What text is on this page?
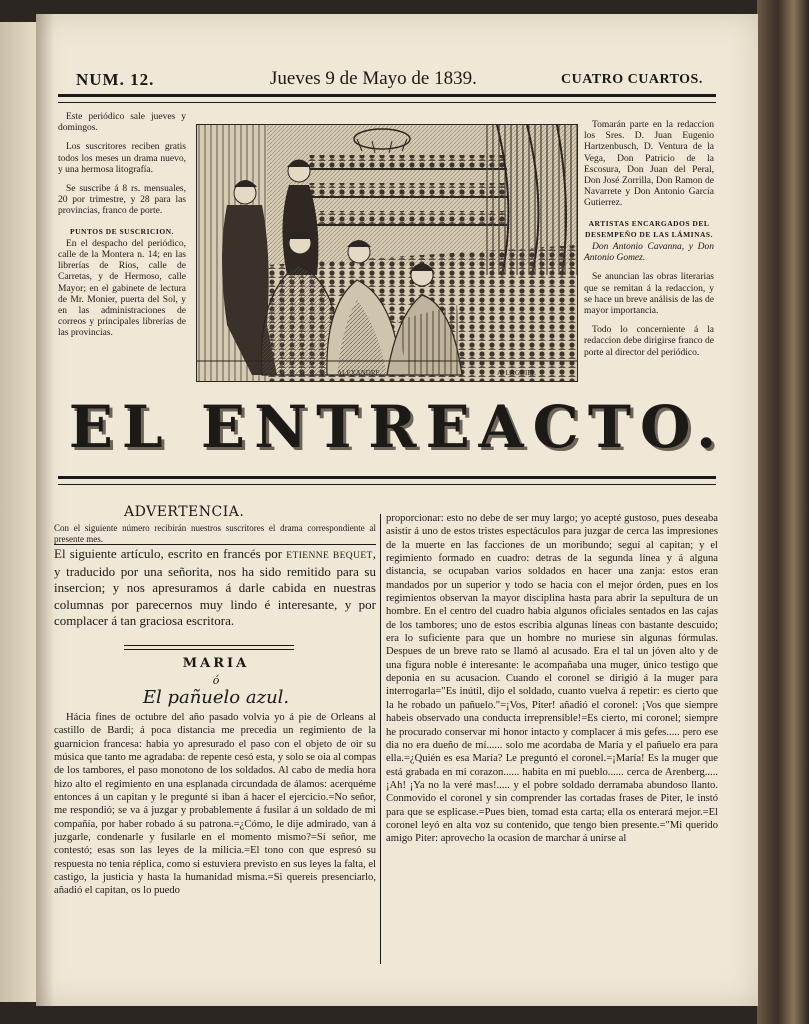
NUM. 12.	Jueves 9 de Mayo de 1839.	CUATRO CUARTOS.

Este periódico sale jueves y domingos.

Los suscritores reciben gratis todos los meses un drama nuevo, y una hermosa litografía.

Se suscribe á 8 rs. mensuales, 20 por trimestre, y 28 para las provincias, franco de porte.

PUNTOS DE SUSCRICION.

En el despacho del periódico, calle de la Montera n. 14; en las librerías de Rios, calle de Carretas, y de Hermoso, calle Mayor; en el gabinete de lectura de Mr. Monier, puerta del Sol, y en las administraciones de correos y principales librerías de las provincias.

ALEXANDRE	A. LAGNIEL

Tomarán parte en la redaccion los Sres. D. Juan Eugenio Hartzenbusch, D. Ventura de la Vega, Don Patricio de la Escosura, Don Juan del Peral, Don José Zorrilla, Don Ramon de Navarrete y Don Antonio García Gutierrez.

ARTISTAS ENCARGADOS DEL DESEMPEÑO DE LAS LÁMINAS.

Don Antonio Cavanna, y Don Antonio Gomez.

Se anuncian las obras literarias que se remitan á la redaccion, y se hace un breve análisis de las de mayor importancia.

Todo lo concerniente á la redaccion debe dirigirse franco de porte al director del periódico.

EL ENTREACTO.
ADVERTENCIA.
Con el siguiente número recibirán nuestros suscritores el drama correspondiente al presente mes.
El siguiente artículo, escrito en francés por ETIENNE BEQUET, y traducido por una señorita, nos ha sido remitido para su insercion; y nos apresuramos á darle cabida en nuestras columnas por parecernos muy lindo é interesante, y por complacer á tan graciosa escritora.
MARIA
ó
El pañuelo azul.

Hácia fines de octubre del año pasado volvia yo á pie de Orleans al castillo de Bardi; á poca distancia me precedia un regimiento de la guarnicion francesa: habia yo apresurado el paso con el objeto de oir su música que tanto me agradaba: de repente cesó esta, y solo se oia al compas de los tambores, el paso monotono de los soldados. Al cabo de media hora hizo alto el regimiento en una esplanada circundada de álamos: acerquéme entonces á un capitan y le pregunté si iban á hacer el ejercicio.=No señor, me respondió; se va á juzgar y probablemente á fusilar á un soldado de mi compañía, por haber robado á su patrona.=¿Cómo, le dije admirado, van á juzgarle, condenarle y fusilarle en el momento mismo?=Sí señor, me contestó; esas son las leyes de la milicia.=El tono con que espresó su respuesta no tenia réplica, como si estuviera previsto en sus leyes la falta, el castigo, la justicia y hasta la humanidad misma.=Si quereis presenciarlo, añadió el capitan, os lo puedo

proporcionar: esto no debe de ser muy largo; yo acepté gustoso, pues deseaba asistir á uno de estos tristes espectáculos para juzgar de cerca las impresiones de la muerte en las facciones de un moribundo; seguí al capitan; y el regimiento formado en cuadro: detras de la segunda línea y á alguna distancia, se ocupaban varios soldados en hacer una zanja: estos eran mandados por un superior y todo se hacia con el mejor órden, pues en los regimientos observan la mayor disciplina hasta para abrir la sepultura de un hombre. En el centro del cuadro habia algunos oficiales sentados en las cajas de los tambores; uno de estos escribia algunas líneas con bastante descuido; era lo suficiente para que un hombre no muriese sin algunas fórmulas. Despues de un breve rato se llamó al acusado. Era el tal un jóven alto y de una figura noble é interesante: le acompañaba una muger, único testigo que deponia en su acusacion. Cuando el coronel se dirigió á la muger para interrogarla="Es inútil, dijo el soldado, cuanto vuelva á repetir: es cierto que la he robado un pañuelo."=¡Vos, Piter! añadió el coronel: ¡Vos que siempre habeis observado una conducta irreprensible!=Es cierto, mi coronel; siempre he procurado conservar mi honor intacto y complacer á mis gefes..... pero ese dia no era dueño de mí...... solo me acordaba de María y el pañuelo era para ella.=¿Quién es esa María? Le preguntó el coronel.=¡María! Es la muger que está grabada en mi corazon...... habita en mi pueblo...... cerca de Arenberg..... ¡Ah! ¡Ya no la veré mas!..... y el pobre soldado derramaba abundoso llanto. Conmovido el coronel y sin comprender las cortadas frases de Piter, le instó para que se esplicase.=Pues bien, tomad esta carta; ella os enterará mejor.=El coronel leyó en alta voz su contenido, que tengo bien presente.="Mi querido amigo Piter: aprovecho la ocasion de marchar á unirse al
